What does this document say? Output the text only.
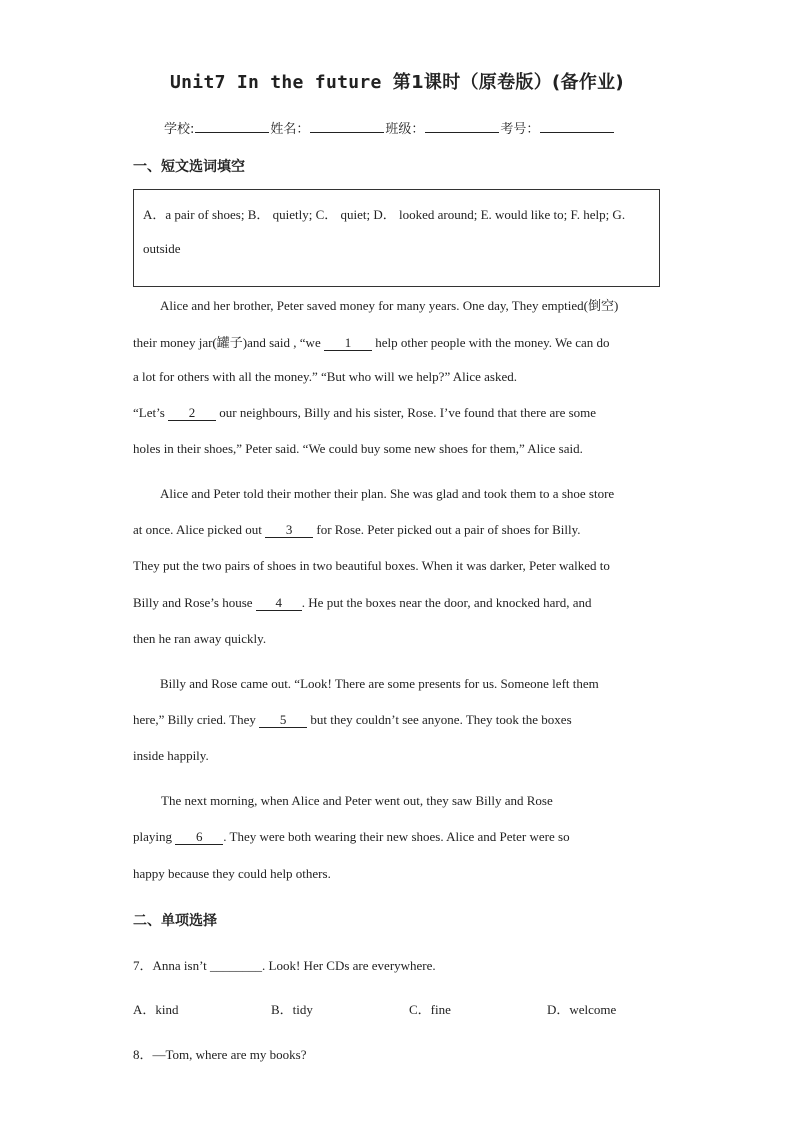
Unit7 In the future 第1课时（原卷版）(备作业)
学校:	姓名：	班级：	考号：
一、短文选词填空
A．a pair of shoes; B． quietly; C． quiet; D． looked around; E. would like to; F. help; G.
outside
Alice and her brother, Peter saved money for many years. One day, They emptied(倒空)
their money jar(罐子)and said , “we 1 help other people with the money. We can do
a lot for others with all the money.” “But who will we help?” Alice asked.
“Let’s 2 our neighbours, Billy and his sister, Rose. I’ve found that there are some
holes in their shoes,” Peter said. “We could buy some new shoes for them,” Alice said.
Alice and Peter told their mother their plan. She was glad and took them to a shoe store
at once. Alice picked out 3 for Rose. Peter picked out a pair of shoes for Billy.
They put the two pairs of shoes in two beautiful boxes. When it was darker, Peter walked to
Billy and Rose’s house 4 . He put the boxes near the door, and knocked hard, and
then he ran away quickly.
Billy and Rose came out. “Look! There are some presents for us. Someone left them
here,” Billy cried. They 5 but they couldn’t see anyone. They took the boxes
inside happily.
The next morning, when Alice and Peter went out, they saw Billy and Rose
playing 6 . They were both wearing their new shoes. Alice and Peter were so
happy because they could help others.
二、单项选择
7．Anna isn’t ________. Look! Her CDs are everywhere.
A．kind	B．tidy	C．fine	D．welcome
8．—Tom, where are my books?
